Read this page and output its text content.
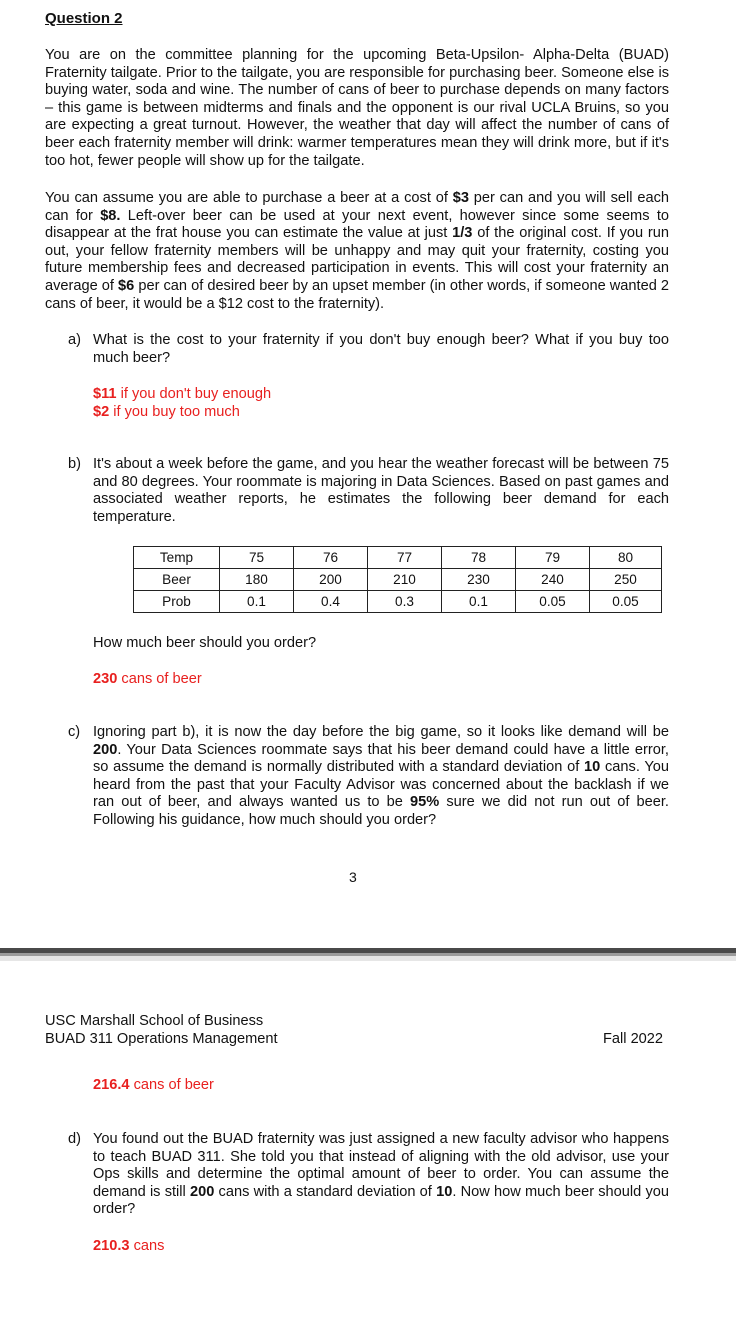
Question 2

You are on the committee planning for the upcoming Beta-Upsilon- Alpha-Delta (BUAD) Fraternity tailgate. Prior to the tailgate, you are responsible for purchasing beer. Someone else is buying water, soda and wine. The number of cans of beer to purchase depends on many factors – this game is between midterms and finals and the opponent is our rival UCLA Bruins, so you are expecting a great turnout. However, the weather that day will affect the number of cans of beer each fraternity member will drink: warmer temperatures mean they will drink more, but if it's too hot, fewer people will show up for the tailgate.

You can assume you are able to purchase a beer at a cost of $3 per can and you will sell each can for $8. Left-over beer can be used at your next event, however since some seems to disappear at the frat house you can estimate the value at just 1/3 of the original cost. If you run out, your fellow fraternity members will be unhappy and may quit your fraternity, costing you future membership fees and decreased participation in events. This will cost your fraternity an average of $6 per can of desired beer by an upset member (in other words, if someone wanted 2 cans of beer, it would be a $12 cost to the fraternity).

a) What is the cost to your fraternity if you don't buy enough beer? What if you buy too much beer?
$11 if you don't buy enough
$2 if you buy too much
b) It's about a week before the game, and you hear the weather forecast will be between 75 and 80 degrees. Your roommate is majoring in Data Sciences. Based on past games and associated weather reports, he estimates the following beer demand for each temperature.
Temp	75	76	77	78	79	80
Beer	180	200	210	230	240	250
Prob	0.1	0.4	0.3	0.1	0.05	0.05
How much beer should you order?
230 cans of beer
c) Ignoring part b), it is now the day before the big game, so it looks like demand will be 200. Your Data Sciences roommate says that his beer demand could have a little error, so assume the demand is normally distributed with a standard deviation of 10 cans. You heard from the past that your Faculty Advisor was concerned about the backlash if we ran out of beer, and always wanted us to be 95% sure we did not run out of beer. Following his guidance, how much should you order?
3
USC Marshall School of Business
BUAD 311 Operations Management	Fall 2022
216.4 cans of beer
d) You found out the BUAD fraternity was just assigned a new faculty advisor who happens to teach BUAD 311. She told you that instead of aligning with the old advisor, use your Ops skills and determine the optimal amount of beer to order. You can assume the demand is still 200 cans with a standard deviation of 10. Now how much beer should you order?
210.3 cans
